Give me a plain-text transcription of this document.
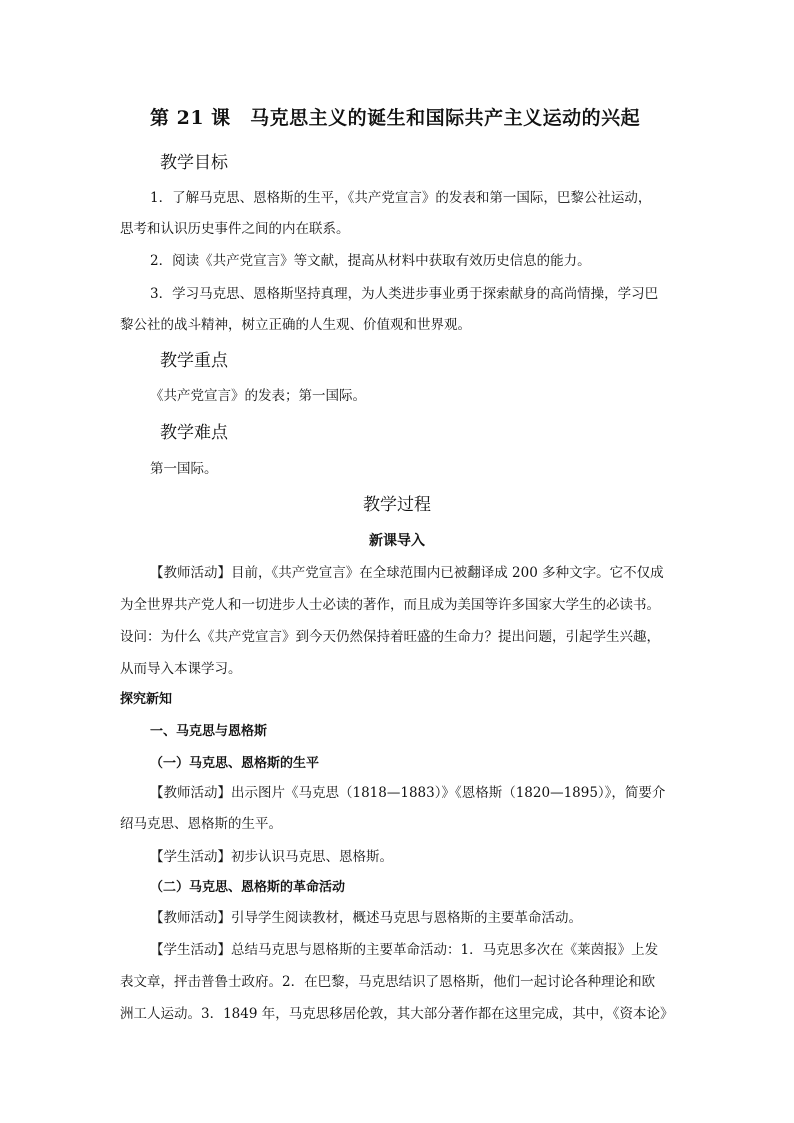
第 21 课　马克思主义的诞生和国际共产主义运动的兴起

教学目标

1．了解马克思、恩格斯的生平，《共产党宣言》的发表和第一国际，巴黎公社运动，

思考和认识历史事件之间的内在联系。

2．阅读《共产党宣言》等文献，提高从材料中获取有效历史信息的能力。

3．学习马克思、恩格斯坚持真理，为人类进步事业勇于探索献身的高尚情操，学习巴

黎公社的战斗精神，树立正确的人生观、价值观和世界观。

教学重点

《共产党宣言》的发表；第一国际。

教学难点

第一国际。

教学过程

新课导入

【教师活动】目前，《共产党宣言》在全球范围内已被翻译成 200 多种文字。它不仅成

为全世界共产党人和一切进步人士必读的著作，而且成为美国等许多国家大学生的必读书。

设问：为什么《共产党宣言》到今天仍然保持着旺盛的生命力？提出问题，引起学生兴趣，

从而导入本课学习。

探究新知

一、马克思与恩格斯

（一）马克思、恩格斯的生平

【教师活动】出示图片《马克思（1818—1883）》《恩格斯（1820—1895）》，简要介

绍马克思、恩格斯的生平。

【学生活动】初步认识马克思、恩格斯。

（二）马克思、恩格斯的革命活动

【教师活动】引导学生阅读教材，概述马克思与恩格斯的主要革命活动。

【学生活动】总结马克思与恩格斯的主要革命活动：1．马克思多次在《莱茵报》上发

表文章，抨击普鲁士政府。2．在巴黎，马克思结识了恩格斯，他们一起讨论各种理论和欧

洲工人运动。3．1849 年，马克思移居伦敦，其大部分著作都在这里完成，其中，《资本论》
